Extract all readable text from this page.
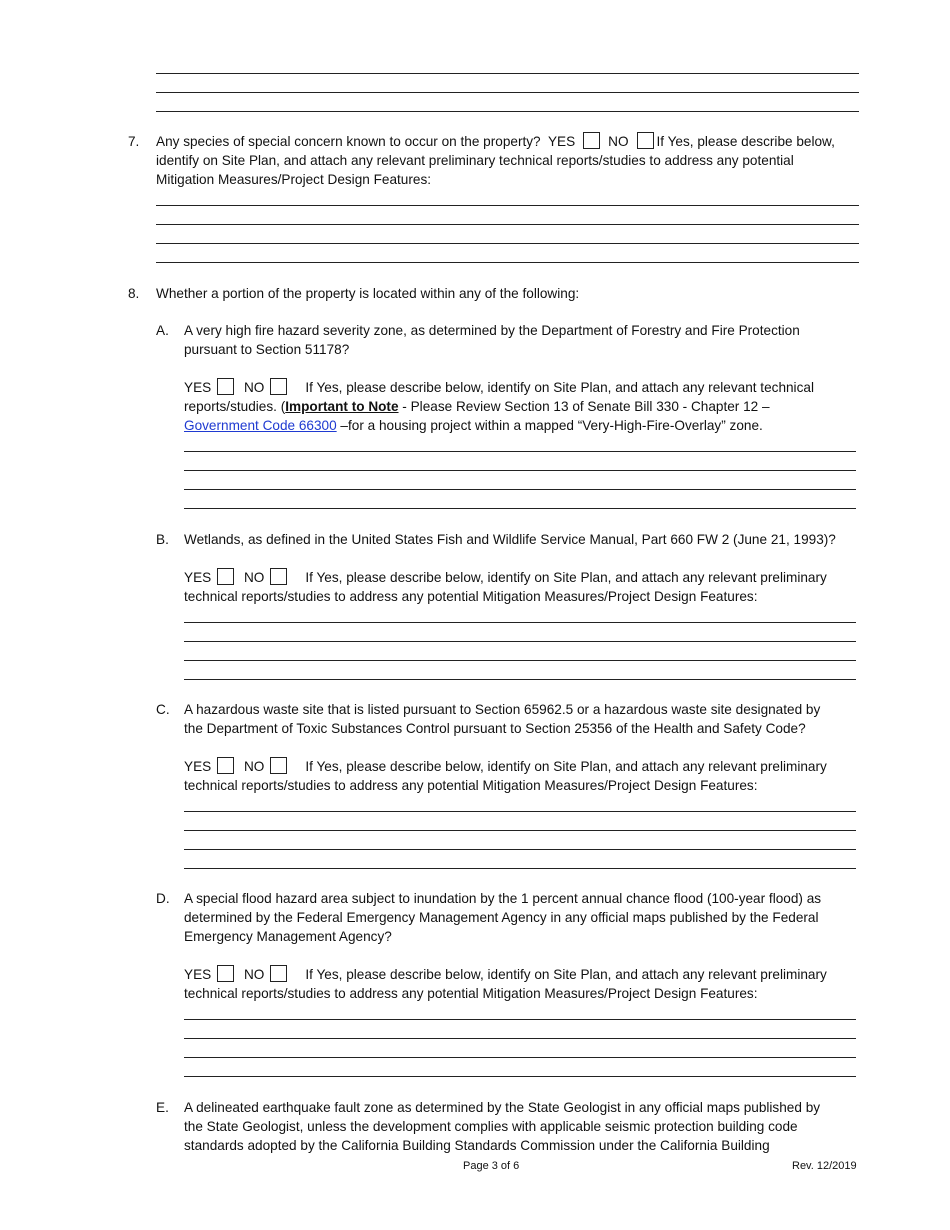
7. Any species of special concern known to occur on the property? YES NO If Yes, please describe below,
identify on Site Plan, and attach any relevant preliminary technical reports/studies to address any potential
Mitigation Measures/Project Design Features:
8. Whether a portion of the property is located within any of the following:
A. A very high fire hazard severity zone, as determined by the Department of Forestry and Fire Protection
pursuant to Section 51178?
YES NO	If Yes, please describe below, identify on Site Plan, and attach any relevant technical
reports/studies. (Important to Note - Please Review Section 13 of Senate Bill 330 - Chapter 12 –
Government Code 66300 –for a housing project within a mapped “Very-High-Fire-Overlay” zone.
B. Wetlands, as defined in the United States Fish and Wildlife Service Manual, Part 660 FW 2 (June 21, 1993)?
YES NO	If Yes, please describe below, identify on Site Plan, and attach any relevant preliminary
technical reports/studies to address any potential Mitigation Measures/Project Design Features:
C. A hazardous waste site that is listed pursuant to Section 65962.5 or a hazardous waste site designated by
the Department of Toxic Substances Control pursuant to Section 25356 of the Health and Safety Code?
YES NO	If Yes, please describe below, identify on Site Plan, and attach any relevant preliminary
technical reports/studies to address any potential Mitigation Measures/Project Design Features:
D. A special flood hazard area subject to inundation by the 1 percent annual chance flood (100-year flood) as
determined by the Federal Emergency Management Agency in any official maps published by the Federal
Emergency Management Agency?
YES NO	If Yes, please describe below, identify on Site Plan, and attach any relevant preliminary
technical reports/studies to address any potential Mitigation Measures/Project Design Features:
E. A delineated earthquake fault zone as determined by the State Geologist in any official maps published by
the State Geologist, unless the development complies with applicable seismic protection building code
standards adopted by the California Building Standards Commission under the California Building
Page 3 of 6	Rev. 12/2019
